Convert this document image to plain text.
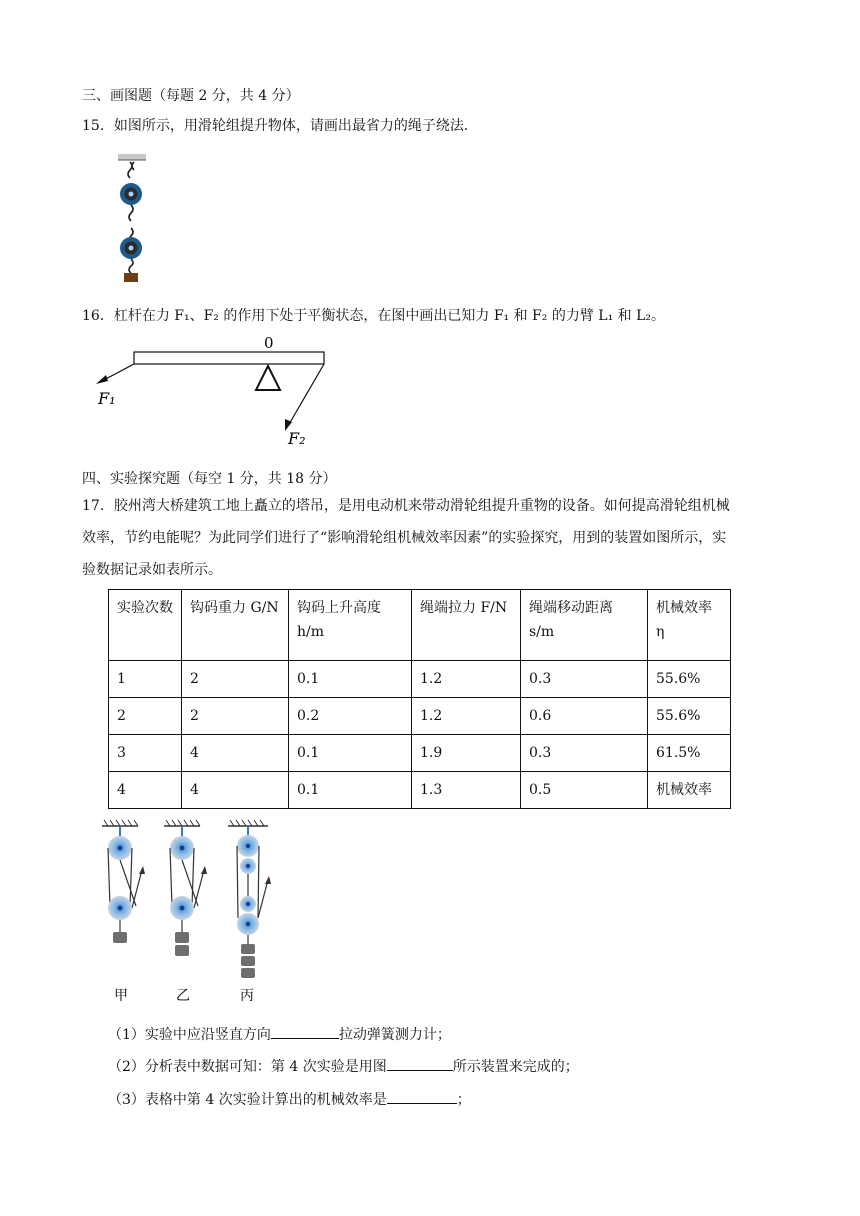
三、画图题（每题 2 分，共 4 分）
15．如图所示，用滑轮组提升物体，请画出最省力的绳子绕法．
16．杠杆在力 F₁、F₂ 的作用下处于平衡状态，在图中画出已知力 F₁ 和 F₂ 的力臂 L₁ 和 L₂。
0
F₁
F₂
四、实验探究题（每空 1 分，共 18 分）
17．胶州湾大桥建筑工地上矗立的塔吊，是用电动机来带动滑轮组提升重物的设备。如何提高滑轮组机械效率，节约电能呢？为此同学们进行了“影响滑轮组机械效率因素”的实验探究，用到的装置如图所示，实验数据记录如表所示。
实验次数	钩码重力 G/N	钩码上升高度 h/m	绳端拉力 F/N	绳端移动距离 s/m	机械效率 η
1	2	0.1	1.2	0.3	55.6%
2	2	0.2	1.2	0.6	55.6%
3	4	0.1	1.9	0.3	61.5%
4	4	0.1	1.3	0.5	机械效率
甲	乙	丙
（1）实验中应沿竖直方向	拉动弹簧测力计；
（2）分析表中数据可知：第 4 次实验是用图	所示装置来完成的；
（3）表格中第 4 次实验计算出的机械效率是	；
